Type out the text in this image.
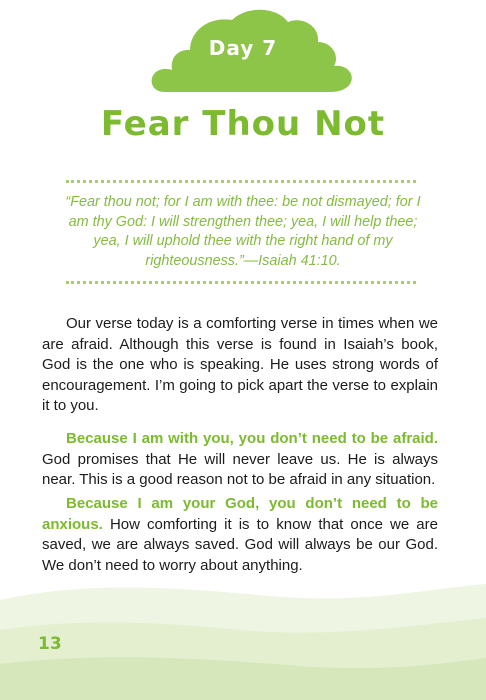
Day 7
Fear Thou Not
“Fear thou not; for I am with thee: be not dismayed; for I am thy God: I will strengthen thee; yea, I will help thee; yea, I will uphold thee with the right hand of my righteousness.”—Isaiah 41:10.

Our verse today is a comforting verse in times when we are afraid. Although this verse is found in Isaiah’s book, God is the one who is speaking. He uses strong words of encouragement. I’m going to pick apart the verse to explain it to you.

Because I am with you, you don’t need to be afraid. God promises that He will never leave us. He is always near. This is a good reason not to be afraid in any situation.

Because I am your God, you don’t need to be anxious. How comforting it is to know that once we are saved, we are always saved. God will always be our God. We don’t need to worry about anything.

13
